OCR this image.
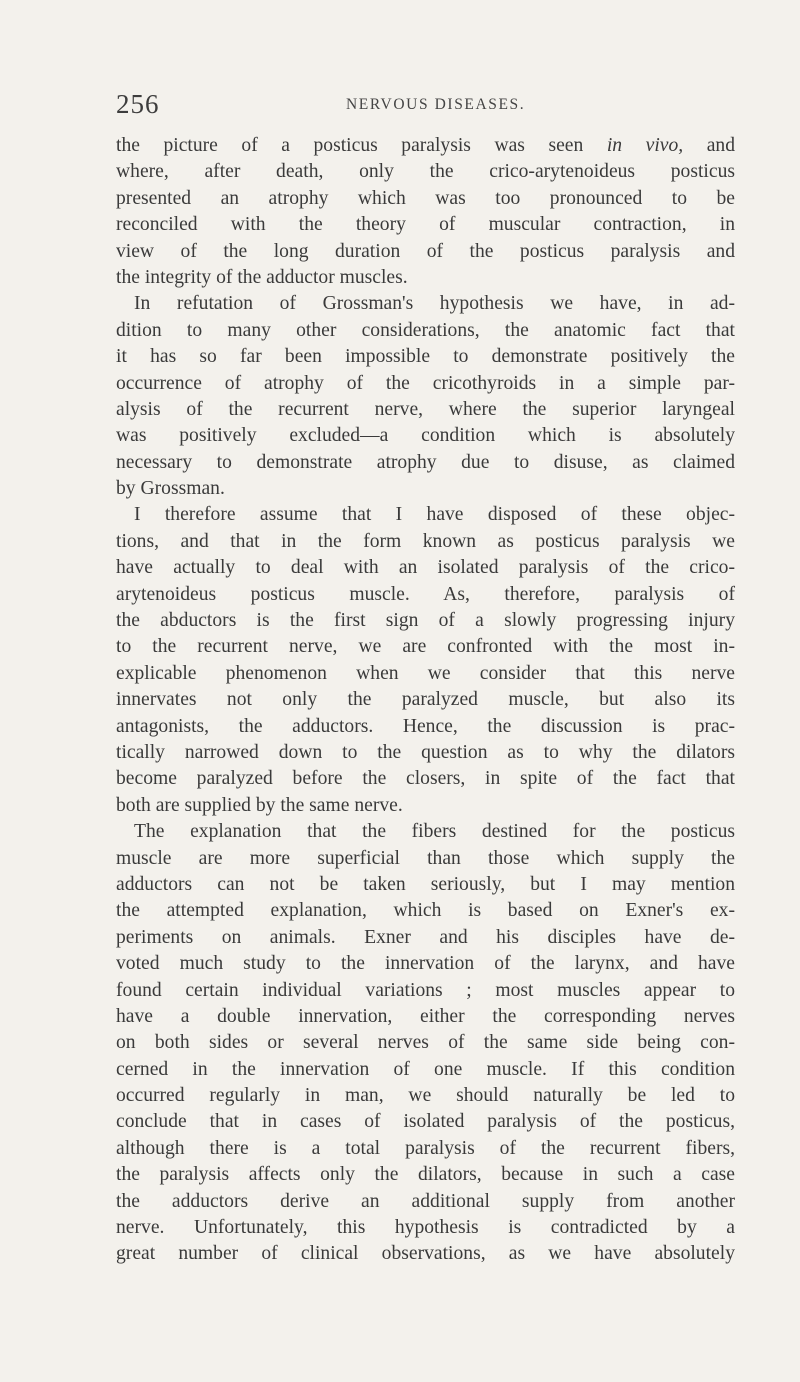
256	NERVOUS DISEASES.
the picture of a posticus paralysis was seen in vivo, and
where, after death, only the crico-arytenoideus posticus
presented an atrophy which was too pronounced to be
reconciled with the theory of muscular contraction, in
view of the long duration of the posticus paralysis and
the integrity of the adductor muscles.
In refutation of Grossman's hypothesis we have, in ad-
dition to many other considerations, the anatomic fact that
it has so far been impossible to demonstrate positively the
occurrence of atrophy of the cricothyroids in a simple par-
alysis of the recurrent nerve, where the superior laryngeal
was positively excluded—a condition which is absolutely
necessary to demonstrate atrophy due to disuse, as claimed
by Grossman.
I therefore assume that I have disposed of these objec-
tions, and that in the form known as posticus paralysis we
have actually to deal with an isolated paralysis of the crico-
arytenoideus posticus muscle. As, therefore, paralysis of
the abductors is the first sign of a slowly progressing injury
to the recurrent nerve, we are confronted with the most in-
explicable phenomenon when we consider that this nerve
innervates not only the paralyzed muscle, but also its
antagonists, the adductors. Hence, the discussion is prac-
tically narrowed down to the question as to why the dilators
become paralyzed before the closers, in spite of the fact that
both are supplied by the same nerve.
The explanation that the fibers destined for the posticus
muscle are more superficial than those which supply the
adductors can not be taken seriously, but I may mention
the attempted explanation, which is based on Exner's ex-
periments on animals. Exner and his disciples have de-
voted much study to the innervation of the larynx, and have
found certain individual variations ; most muscles appear to
have a double innervation, either the corresponding nerves
on both sides or several nerves of the same side being con-
cerned in the innervation of one muscle. If this condition
occurred regularly in man, we should naturally be led to
conclude that in cases of isolated paralysis of the posticus,
although there is a total paralysis of the recurrent fibers,
the paralysis affects only the dilators, because in such a case
the adductors derive an additional supply from another
nerve. Unfortunately, this hypothesis is contradicted by a
great number of clinical observations, as we have absolutely
